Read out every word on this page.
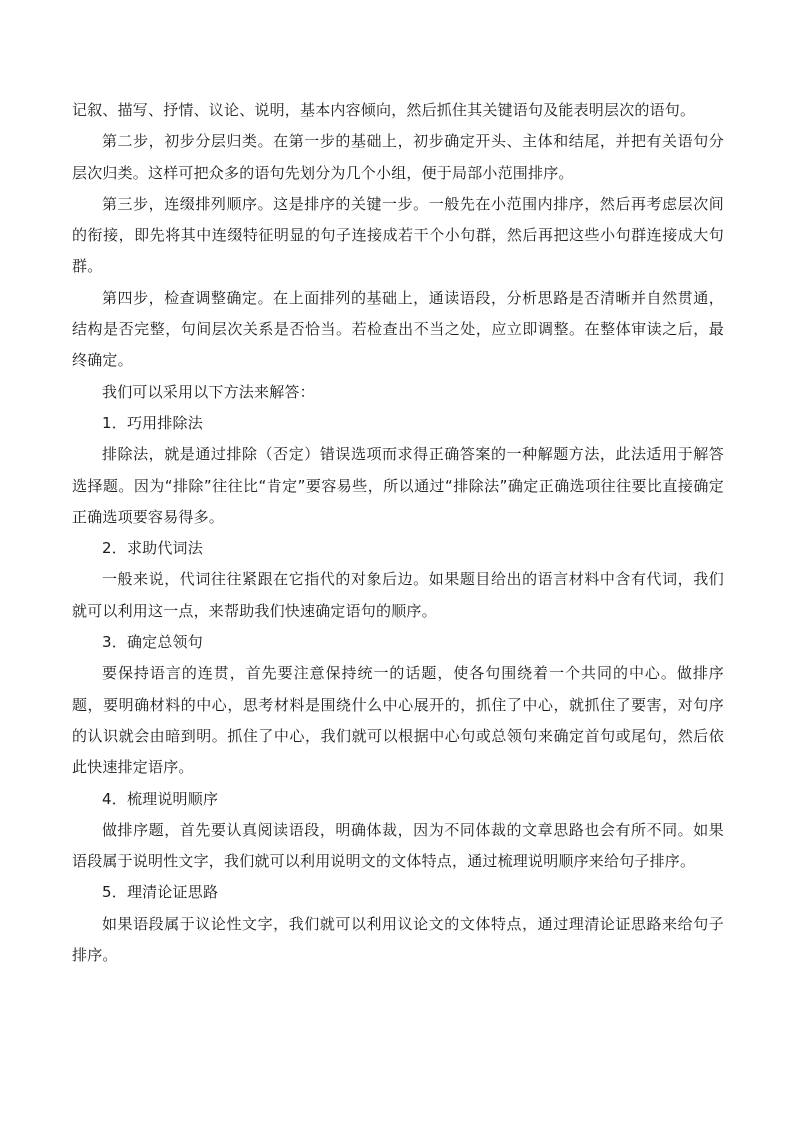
记叙、描写、抒情、议论、说明，基本内容倾向，然后抓住其关键语句及能表明层次的语句。

第二步，初步分层归类。在第一步的基础上，初步确定开头、主体和结尾，并把有关语句分层次归类。这样可把众多的语句先划分为几个小组，便于局部小范围排序。

第三步，连缀排列顺序。这是排序的关键一步。一般先在小范围内排序，然后再考虑层次间的衔接，即先将其中连缀特征明显的句子连接成若干个小句群，然后再把这些小句群连接成大句群。

第四步，检查调整确定。在上面排列的基础上，通读语段，分析思路是否清晰并自然贯通，结构是否完整，句间层次关系是否恰当。若检查出不当之处，应立即调整。在整体审读之后，最终确定。

我们可以采用以下方法来解答：

1．巧用排除法

排除法，就是通过排除（否定）错误选项而求得正确答案的一种解题方法，此法适用于解答选择题。因为“排除”往往比“肯定”要容易些，所以通过“排除法”确定正确选项往往要比直接确定正确选项要容易得多。

2．求助代词法

一般来说，代词往往紧跟在它指代的对象后边。如果题目给出的语言材料中含有代词，我们就可以利用这一点，来帮助我们快速确定语句的顺序。

3．确定总领句

要保持语言的连贯，首先要注意保持统一的话题，使各句围绕着一个共同的中心。做排序题，要明确材料的中心，思考材料是围绕什么中心展开的，抓住了中心，就抓住了要害，对句序的认识就会由暗到明。抓住了中心，我们就可以根据中心句或总领句来确定首句或尾句，然后依此快速排定语序。

4．梳理说明顺序

做排序题，首先要认真阅读语段，明确体裁，因为不同体裁的文章思路也会有所不同。如果语段属于说明性文字，我们就可以利用说明文的文体特点，通过梳理说明顺序来给句子排序。

5．理清论证思路

如果语段属于议论性文字，我们就可以利用议论文的文体特点，通过理清论证思路来给句子排序。
